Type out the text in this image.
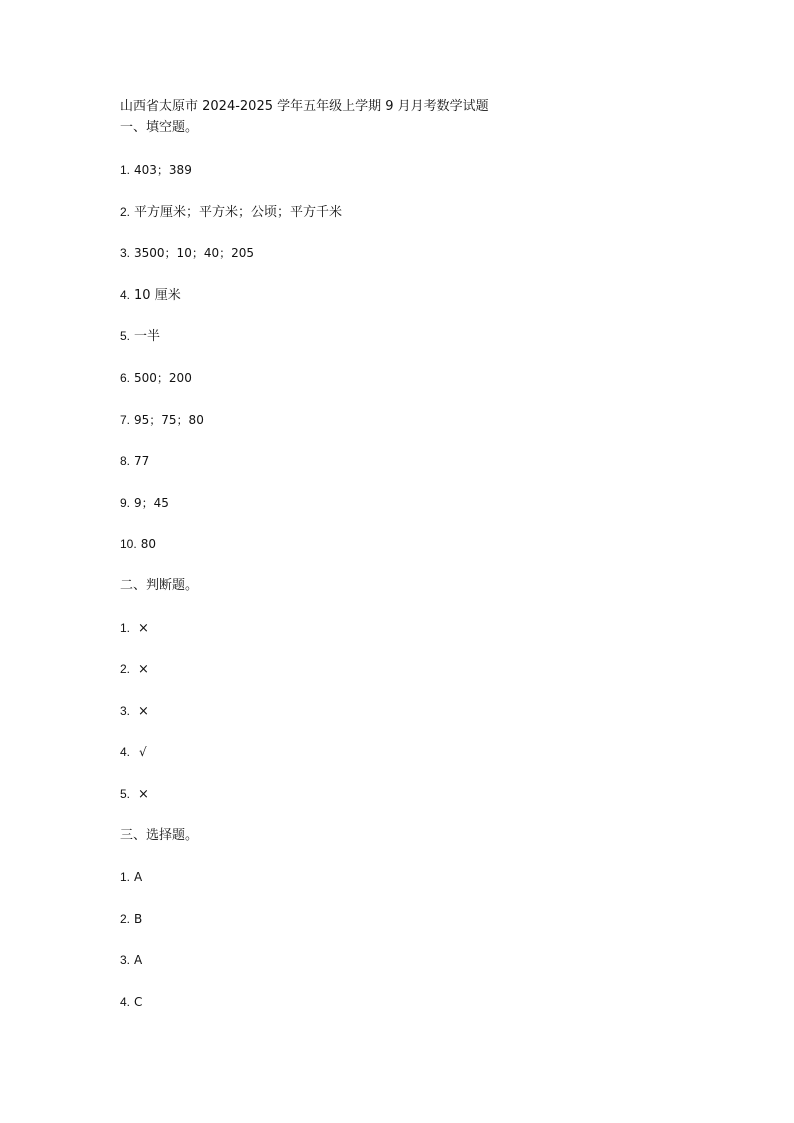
山西省太原市 2024-2025 学年五年级上学期 9 月月考数学试题
一、填空题。
1. 403；389
2. 平方厘米；平方米；公顷；平方千米
3. 3500；10；40；205
4. 10 厘米
5. 一半
6. 500；200
7. 95；75；80
8. 77
9. 9；45
10. 80
二、判断题。
1. ×
2. ×
3. ×
4. √
5. ×
三、选择题。
1. A
2. B
3. A
4. C
